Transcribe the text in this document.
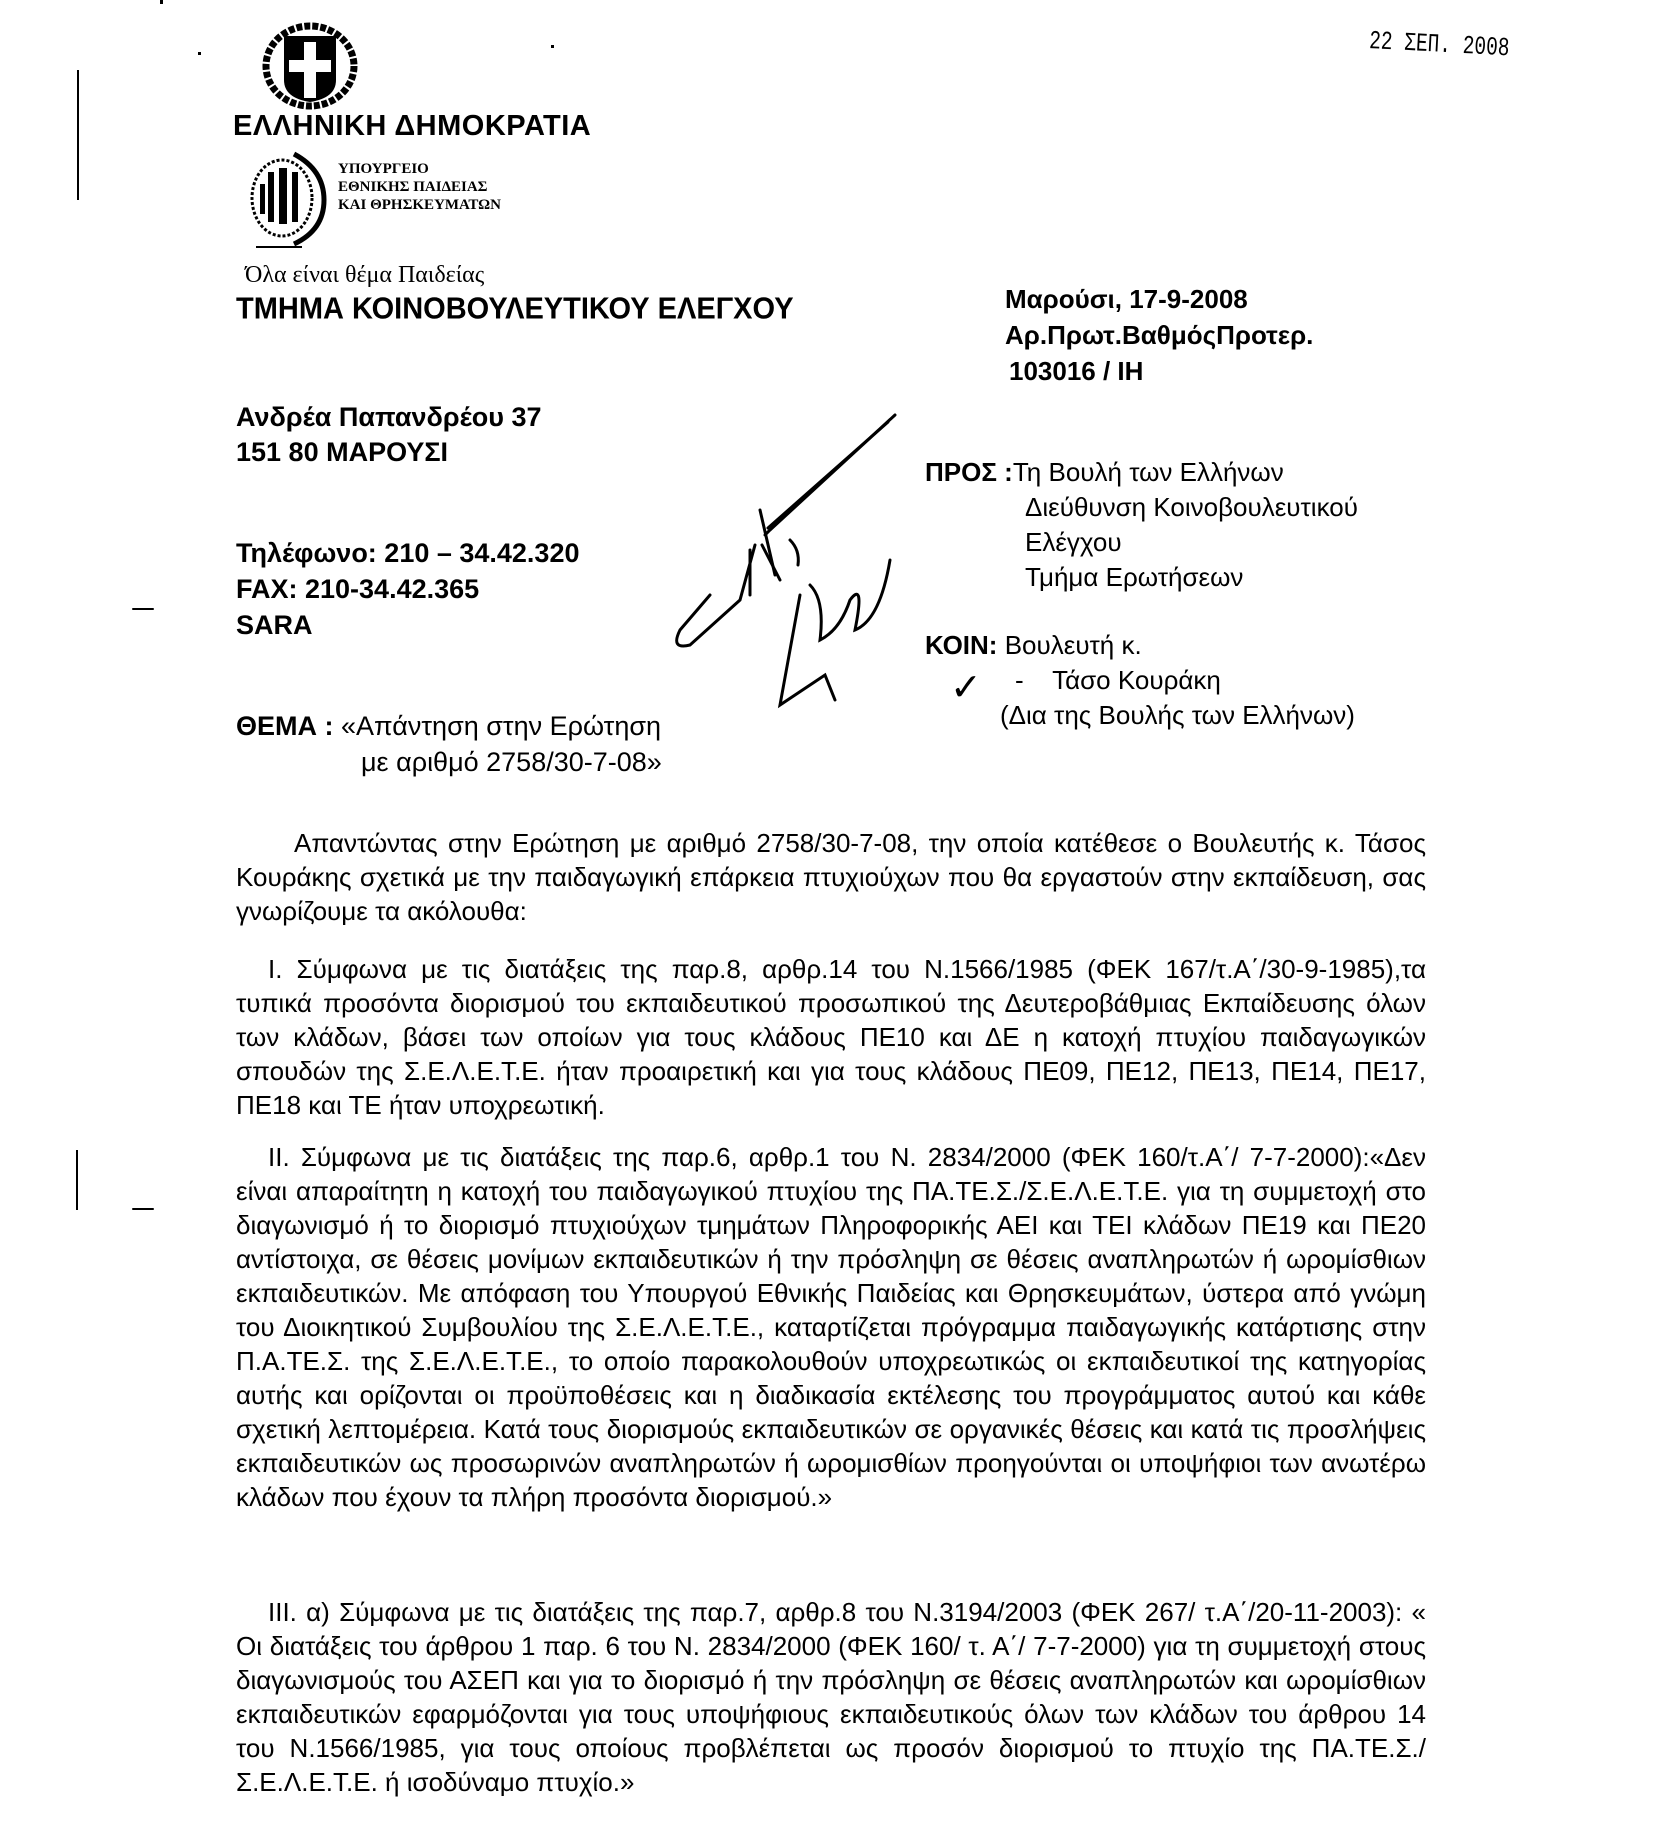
ΕΛΛΗΝΙΚΗ ΔΗΜΟΚΡΑΤΙΑ
ΥΠΟΥΡΓΕΙΟ
ΕΘΝΙΚΗΣ ΠΑΙΔΕΙΑΣ
ΚΑΙ ΘΡΗΣΚΕΥΜΑΤΩΝ
Όλα είναι θέμα Παιδείας
ΤΜΗΜΑ ΚΟΙΝΟΒΟΥΛΕΥΤΙΚΟΥ ΕΛΕΓΧΟΥ
Ανδρέα Παπανδρέου 37
151 80 ΜΑΡΟΥΣΙ
Τηλέφωνο: 210 – 34.42.320
FAX: 210-34.42.365
SARA
22 ΣΕΠ. 2008
Μαρούσι, 17-9-2008
Αρ.Πρωτ.ΒαθμόςΠροτερ.
103016 / ΙΗ
ΠΡΟΣ :Τη Βουλή των Ελλήνων
Διεύθυνση Κοινοβουλευτικού
Ελέγχου
Τμήμα Ερωτήσεων
ΚΟΙΝ: Βουλευτή κ.
-    Τάσο Κουράκη
(Δια της Βουλής των Ελλήνων)
✓
ΘΕΜΑ : «Απάντηση στην Ερώτηση
με αριθμό 2758/30-7-08»
Απαντώντας στην Ερώτηση με αριθμό 2758/30-7-08, την οποία κατέθεσε ο Βουλευτής κ. Τάσος Κουράκης σχετικά με την παιδαγωγική επάρκεια πτυχιούχων που θα εργαστούν στην εκπαίδευση, σας γνωρίζουμε τα ακόλουθα:
Ι. Σύμφωνα με τις διατάξεις της παρ.8, αρθρ.14 του Ν.1566/1985 (ΦΕΚ 167/τ.Α΄/30-9-1985),τα τυπικά προσόντα διορισμού του εκπαιδευτικού προσωπικού της Δευτεροβάθμιας Εκπαίδευσης όλων των κλάδων, βάσει των οποίων για τους κλάδους ΠΕ10 και ΔΕ η κατοχή πτυχίου παιδαγωγικών σπουδών της Σ.Ε.Λ.Ε.Τ.Ε. ήταν προαιρετική και για τους κλάδους ΠΕ09, ΠΕ12, ΠΕ13, ΠΕ14, ΠΕ17, ΠΕ18 και ΤΕ ήταν υποχρεωτική.
ΙΙ. Σύμφωνα με τις διατάξεις της παρ.6, αρθρ.1 του Ν. 2834/2000 (ΦΕΚ 160/τ.Α΄/ 7-7-2000):«Δεν είναι απαραίτητη η κατοχή του παιδαγωγικού πτυχίου της ΠΑ.ΤΕ.Σ./Σ.Ε.Λ.Ε.Τ.Ε. για τη συμμετοχή στο διαγωνισμό ή το διορισμό πτυχιούχων τμημάτων Πληροφορικής ΑΕΙ και ΤΕΙ κλάδων ΠΕ19 και ΠΕ20 αντίστοιχα, σε θέσεις μονίμων εκπαιδευτικών ή την πρόσληψη σε θέσεις αναπληρωτών ή ωρομίσθιων εκπαιδευτικών. Με απόφαση του Υπουργού Εθνικής Παιδείας και Θρησκευμάτων, ύστερα από γνώμη του Διοικητικού Συμβουλίου της Σ.Ε.Λ.Ε.Τ.Ε., καταρτίζεται πρόγραμμα παιδαγωγικής κατάρτισης στην Π.Α.ΤΕ.Σ. της Σ.Ε.Λ.Ε.Τ.Ε., το οποίο παρακολουθούν υποχρεωτικώς οι εκπαιδευτικοί της κατηγορίας αυτής και ορίζονται οι προϋποθέσεις και η διαδικασία εκτέλεσης του προγράμματος αυτού και κάθε σχετική λεπτομέρεια. Κατά τους διορισμούς εκπαιδευτικών σε οργανικές θέσεις και κατά τις προσλήψεις εκπαιδευτικών ως προσωρινών αναπληρωτών ή ωρομισθίων προηγούνται οι υποψήφιοι των ανωτέρω κλάδων που έχουν τα πλήρη προσόντα διορισμού.»
ΙΙΙ. α) Σύμφωνα με τις διατάξεις της παρ.7, αρθρ.8 του Ν.3194/2003 (ΦΕΚ 267/ τ.Α΄/20-11-2003): « Οι διατάξεις του άρθρου 1 παρ. 6 του Ν. 2834/2000 (ΦΕΚ 160/ τ. Α΄/ 7-7-2000) για τη συμμετοχή στους διαγωνισμούς του ΑΣΕΠ και για το διορισμό ή την πρόσληψη σε θέσεις αναπληρωτών και ωρομίσθιων εκπαιδευτικών εφαρμόζονται για τους υποψήφιους εκπαιδευτικούς όλων των κλάδων του άρθρου 14 του Ν.1566/1985, για τους οποίους προβλέπεται ως προσόν διορισμού το πτυχίο της ΠΑ.ΤΕ.Σ./Σ.Ε.Λ.Ε.Τ.Ε. ή ισοδύναμο πτυχίο.»
